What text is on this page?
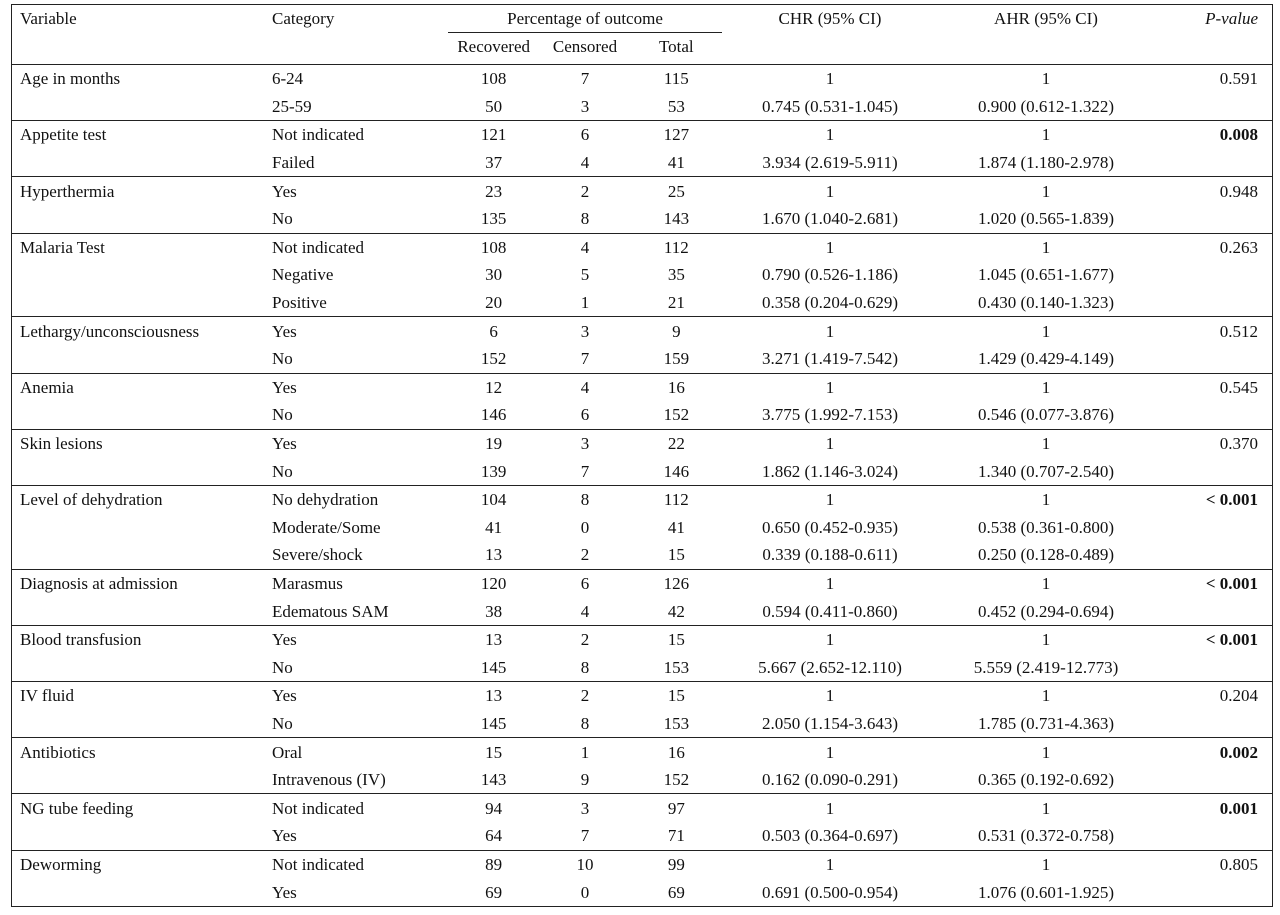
Variable	Category	Percentage of outcome			CHR (95% CI)	AHR (95% CI)	P-value
		Recovered	Censored	Total			
Age in months	6-24	108	7	115	1	1	0.591
	25-59	50	3	53	0.745 (0.531-1.045)	0.900 (0.612-1.322)	
Appetite test	Not indicated	121	6	127	1	1	0.008
	Failed	37	4	41	3.934 (2.619-5.911)	1.874 (1.180-2.978)	
Hyperthermia	Yes	23	2	25	1	1	0.948
	No	135	8	143	1.670 (1.040-2.681)	1.020 (0.565-1.839)	
Malaria Test	Not indicated	108	4	112	1	1	0.263
	Negative	30	5	35	0.790 (0.526-1.186)	1.045 (0.651-1.677)	
	Positive	20	1	21	0.358 (0.204-0.629)	0.430 (0.140-1.323)	
Lethargy/unconsciousness	Yes	6	3	9	1	1	0.512
	No	152	7	159	3.271 (1.419-7.542)	1.429 (0.429-4.149)	
Anemia	Yes	12	4	16	1	1	0.545
	No	146	6	152	3.775 (1.992-7.153)	0.546 (0.077-3.876)	
Skin lesions	Yes	19	3	22	1	1	0.370
	No	139	7	146	1.862 (1.146-3.024)	1.340 (0.707-2.540)	
Level of dehydration	No dehydration	104	8	112	1	1	< 0.001
	Moderate/Some	41	0	41	0.650 (0.452-0.935)	0.538 (0.361-0.800)	
	Severe/shock	13	2	15	0.339 (0.188-0.611)	0.250 (0.128-0.489)	
Diagnosis at admission	Marasmus	120	6	126	1	1	< 0.001
	Edematous SAM	38	4	42	0.594 (0.411-0.860)	0.452 (0.294-0.694)	
Blood transfusion	Yes	13	2	15	1	1	< 0.001
	No	145	8	153	5.667 (2.652-12.110)	5.559 (2.419-12.773)	
IV fluid	Yes	13	2	15	1	1	0.204
	No	145	8	153	2.050 (1.154-3.643)	1.785 (0.731-4.363)	
Antibiotics	Oral	15	1	16	1	1	0.002
	Intravenous (IV)	143	9	152	0.162 (0.090-0.291)	0.365 (0.192-0.692)	
NG tube feeding	Not indicated	94	3	97	1	1	0.001
	Yes	64	7	71	0.503 (0.364-0.697)	0.531 (0.372-0.758)	
Deworming	Not indicated	89	10	99	1	1	0.805
	Yes	69	0	69	0.691 (0.500-0.954)	1.076 (0.601-1.925)	
